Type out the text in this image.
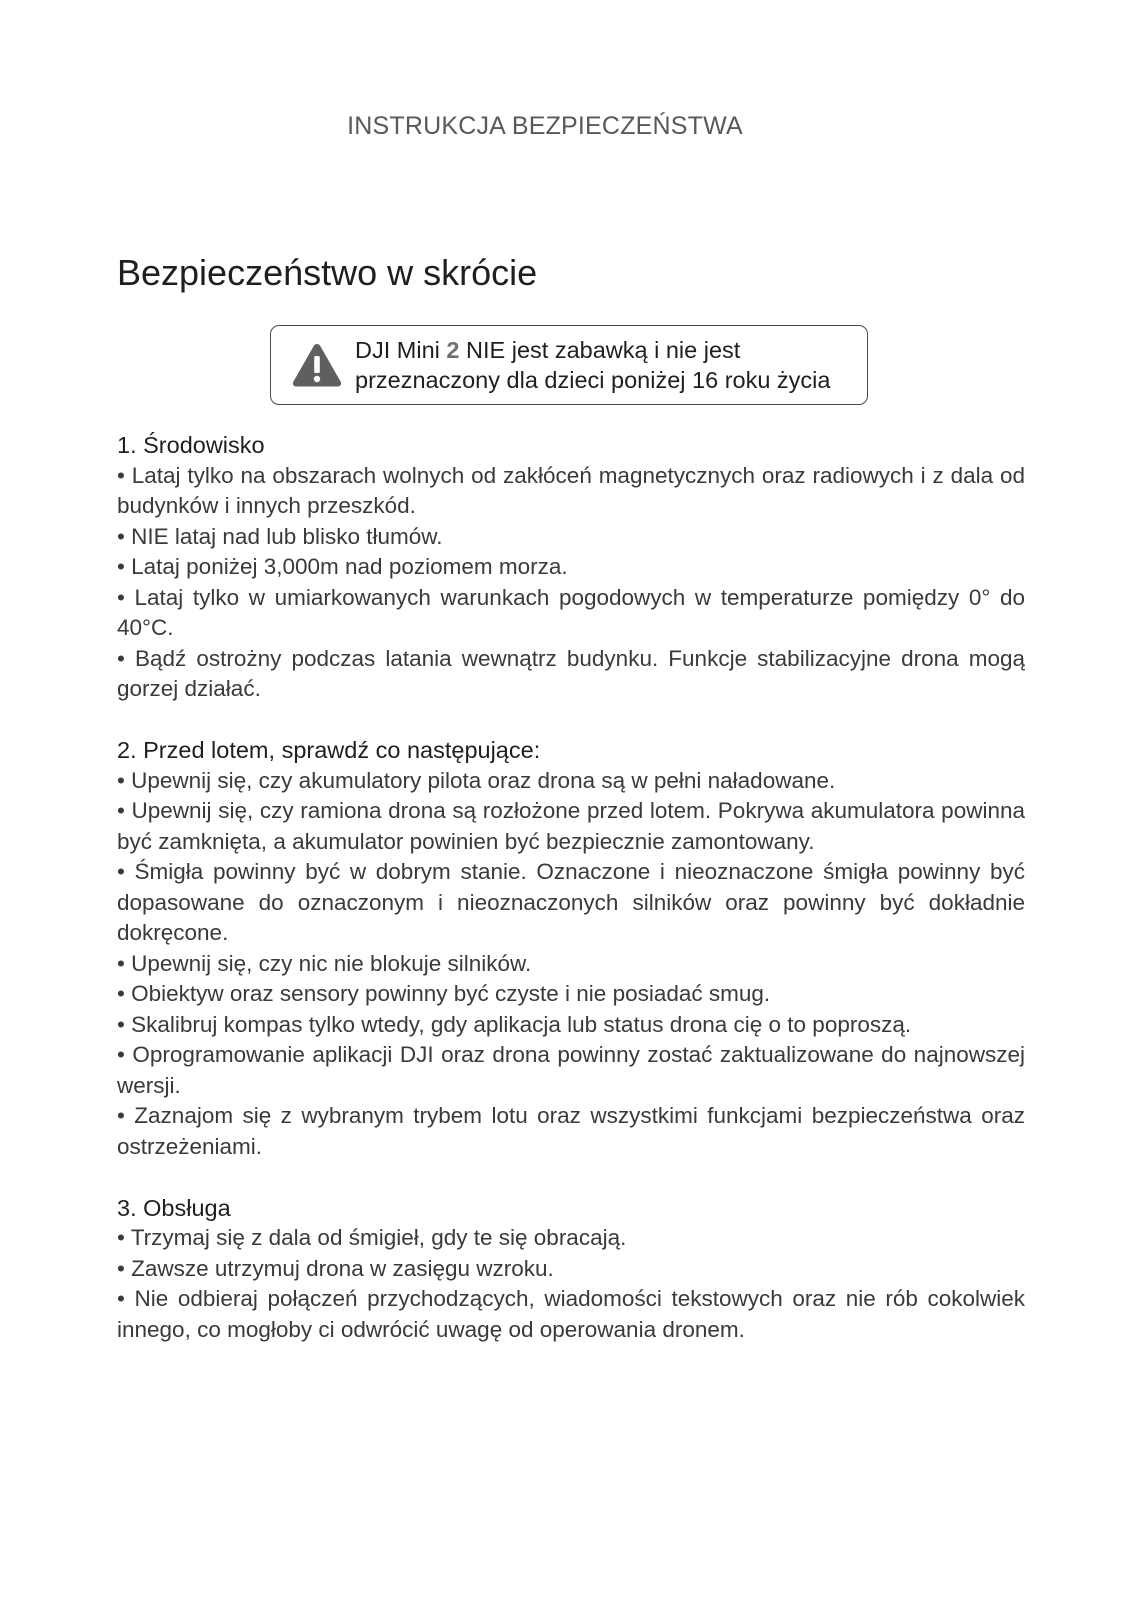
INSTRUKCJA BEZPIECZEŃSTWA
Bezpieczeństwo w skrócie
DJI Mini 2 NIE jest zabawką i nie jest
przeznaczony dla dzieci poniżej 16 roku życia
1. Środowisko

• Lataj tylko na obszarach wolnych od zakłóceń magnetycznych oraz radiowych i z dala od budynków i innych przeszkód.

• NIE lataj nad lub blisko tłumów.

• Lataj poniżej 3,000m nad poziomem morza.

• Lataj tylko w umiarkowanych warunkach pogodowych w temperaturze pomiędzy 0° do 40°C.

• Bądź ostrożny podczas latania wewnątrz budynku. Funkcje stabilizacyjne drona mogą gorzej działać.

2. Przed lotem, sprawdź co następujące:

• Upewnij się, czy akumulatory pilota oraz drona są w pełni naładowane.

• Upewnij się, czy ramiona drona są rozłożone przed lotem. Pokrywa akumulatora powinna być zamknięta, a akumulator powinien być bezpiecznie zamontowany.

• Śmigła powinny być w dobrym stanie. Oznaczone i nieoznaczone śmigła powinny być dopasowane do oznaczonym i nieoznaczonych silników oraz powinny być dokładnie dokręcone.

• Upewnij się, czy nic nie blokuje silników.

• Obiektyw oraz sensory powinny być czyste i nie posiadać smug.

• Skalibruj kompas tylko wtedy, gdy aplikacja lub status drona cię o to poproszą.

• Oprogramowanie aplikacji DJI oraz drona powinny zostać zaktualizowane do najnowszej wersji.

• Zaznajom się z wybranym trybem lotu oraz wszystkimi funkcjami bezpieczeństwa oraz ostrzeżeniami.

3. Obsługa

• Trzymaj się z dala od śmigieł, gdy te się obracają.

• Zawsze utrzymuj drona w zasięgu wzroku.

• Nie odbieraj połączeń przychodzących, wiadomości tekstowych oraz nie rób cokolwiek innego, co mogłoby ci odwrócić uwagę od operowania dronem.
